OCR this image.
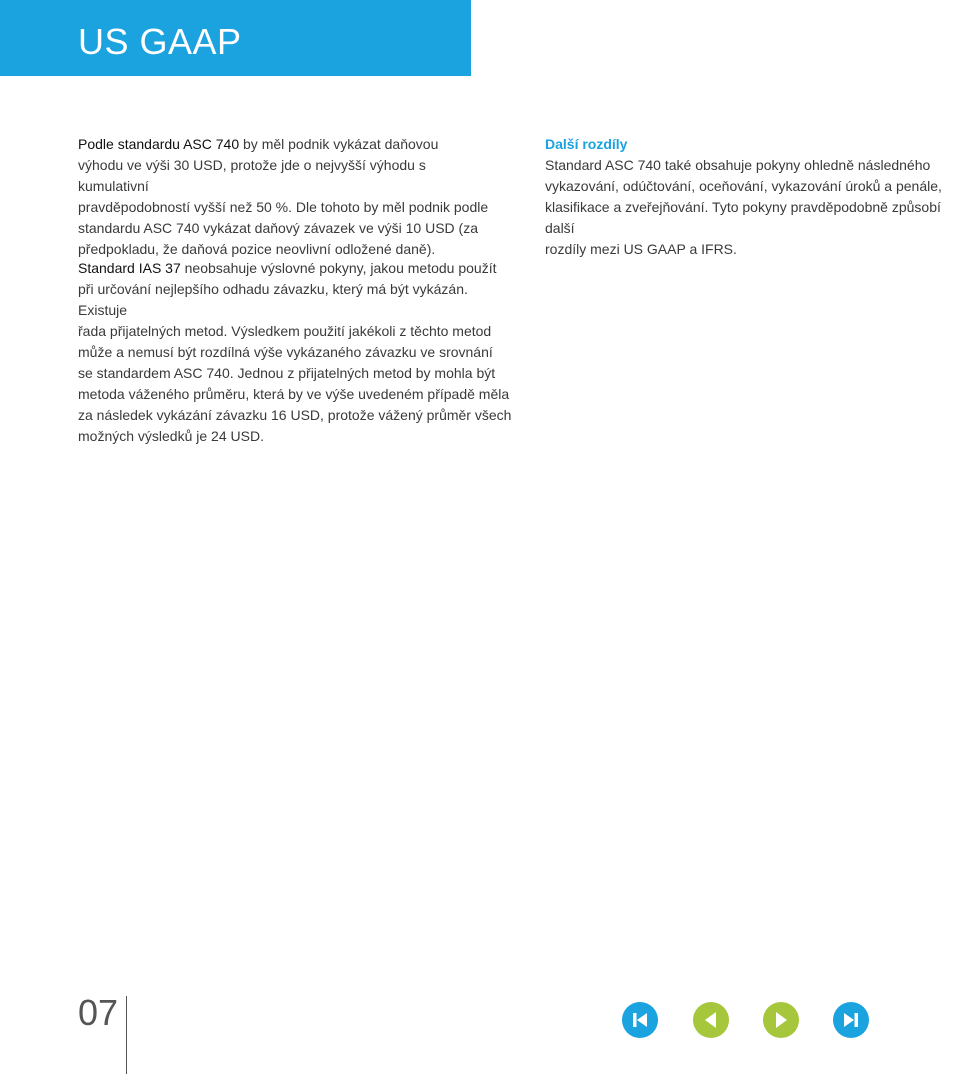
US GAAP

Podle standardu ASC 740 by měl podnik vykázat daňovou
výhodu ve výši 30 USD, protože jde o nejvyšší výhodu s kumulativní
pravděpodobností vyšší než 50 %. Dle tohoto by měl podnik podle
standardu ASC 740 vykázat daňový závazek ve výši 10 USD (za
předpokladu, že daňová pozice neovlivní odložené daně).

Standard IAS 37 neobsahuje výslovné pokyny, jakou metodu použít
při určování nejlepšího odhadu závazku, který má být vykázán. Existuje
řada přijatelných metod. Výsledkem použití jakékoli z těchto metod
může a nemusí být rozdílná výše vykázaného závazku ve srovnání
se standardem ASC 740. Jednou z přijatelných metod by mohla být
metoda váženého průměru, která by ve výše uvedeném případě měla
za následek vykázání závazku 16 USD, protože vážený průměr všech
možných výsledků je 24 USD.

Další rozdíly

Standard ASC 740 také obsahuje pokyny ohledně následného
vykazování, odúčtování, oceňování, vykazování úroků a penále,
klasifikace a zveřejňování. Tyto pokyny pravděpodobně způsobí další
rozdíly mezi US GAAP a IFRS.

07
